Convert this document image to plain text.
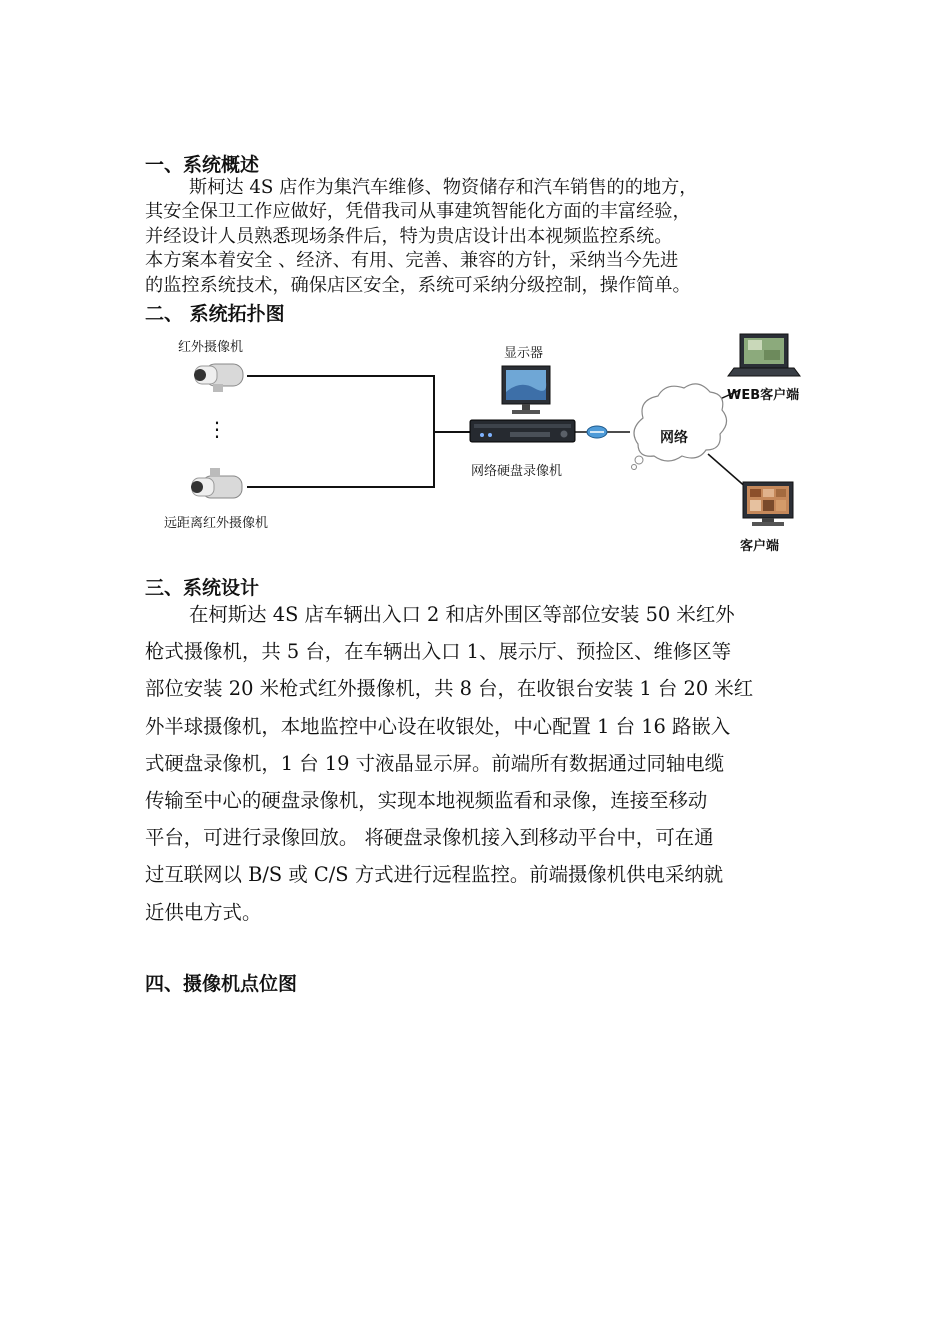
一、系统概述
斯柯达 4S 店作为集汽车维修、物资储存和汽车销售的的地方，
其安全保卫工作应做好，凭借我司从事建筑智能化方面的丰富经验，
并经设计人员熟悉现场条件后，特为贵店设计出本视频监控系统。
本方案本着安全 、经济、有用、完善、兼容的方针，采纳当今先进
的监控系统技术，确保店区安全，系统可采纳分级控制，操作简单。
二、 系统拓扑图
红外摄像机
⋮
远距离红外摄像机
显示器
网络硬盘录像机
网络
WEB客户端
客户端
三、系统设计
在柯斯达 4S 店车辆出入口 2 和店外围区等部位安装 50 米红外
枪式摄像机，共 5 台，在车辆出入口 1、展示厅、预捡区、维修区等
部位安装 20 米枪式红外摄像机，共 8 台，在收银台安装 1 台 20 米红
外半球摄像机，本地监控中心设在收银处，中心配置 1 台 16 路嵌入
式硬盘录像机，1 台 19 寸液晶显示屏。前端所有数据通过同轴电缆
传输至中心的硬盘录像机，实现本地视频监看和录像，连接至移动
平台，可进行录像回放。 将硬盘录像机接入到移动平台中，可在通
过互联网以 B/S 或 C/S 方式进行远程监控。前端摄像机供电采纳就
近供电方式。
四、摄像机点位图
